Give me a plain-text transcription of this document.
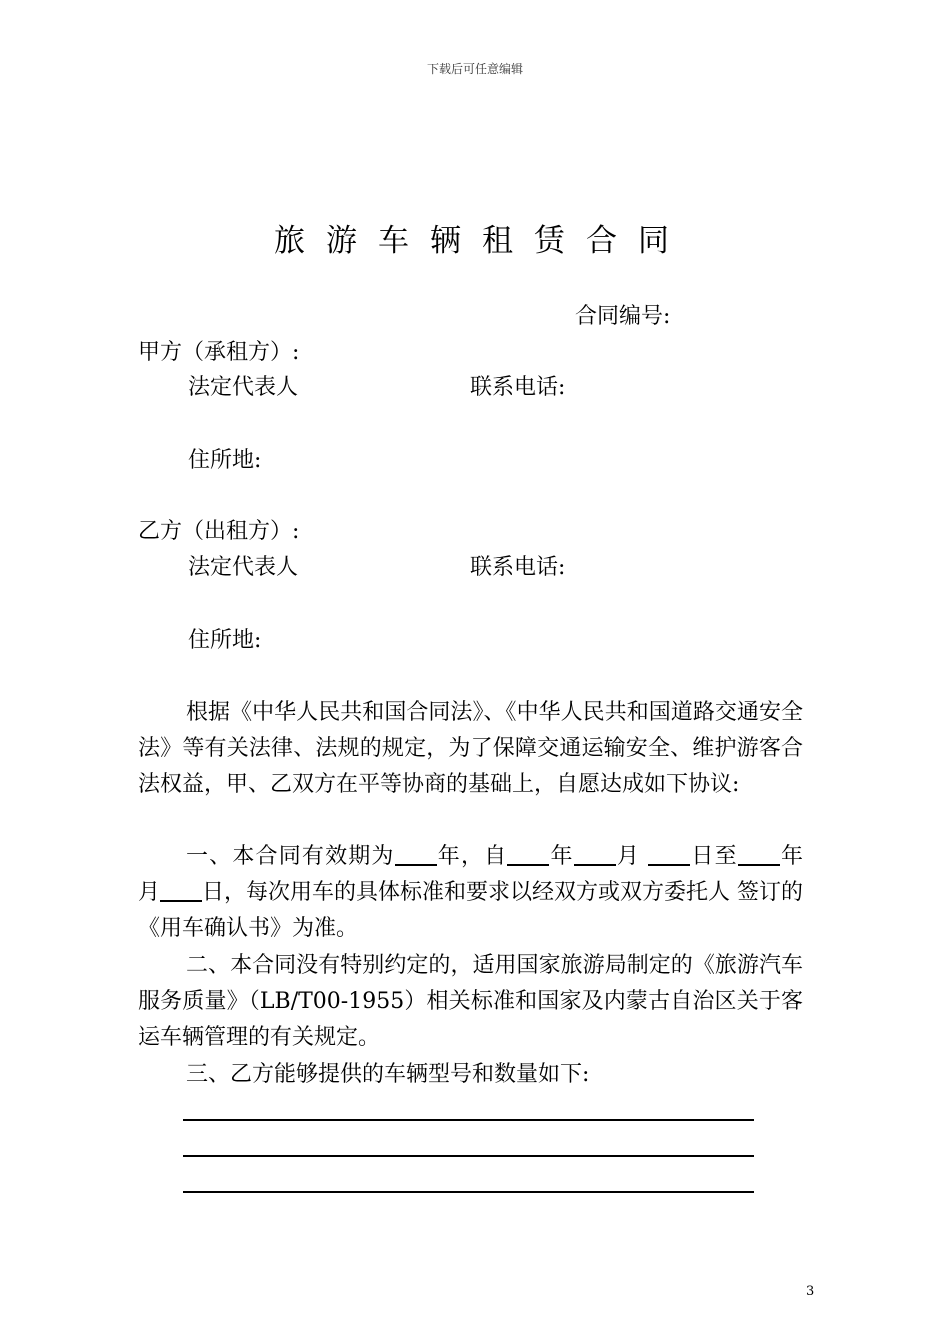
下载后可任意编辑
旅游车辆租赁合同
合同编号:
甲方（承租方）:
法定代表人	联系电话:
住所地:
乙方（出租方）:
法定代表人	联系电话:
住所地:
根据《中华人民共和国合同法》、《中华人民共和国道路交通安全法》等有关法律、法规的规定，为了保障交通运输安全、维护游客合法权益，甲、乙双方在平等协商的基础上，自愿达成如下协议:
一、本合同有效期为 年，自 年 月 日至 年 月 日，每次用车的具体标准和要求以经双方或双方委托人 签订的《用车确认书》为准。
二、本合同没有特别约定的，适用国家旅游局制定的《旅游汽车服务质量》（LB/T00-1955）相关标准和国家及内蒙古自治区关于客运车辆管理的有关规定。
三、乙方能够提供的车辆型号和数量如下:
3
